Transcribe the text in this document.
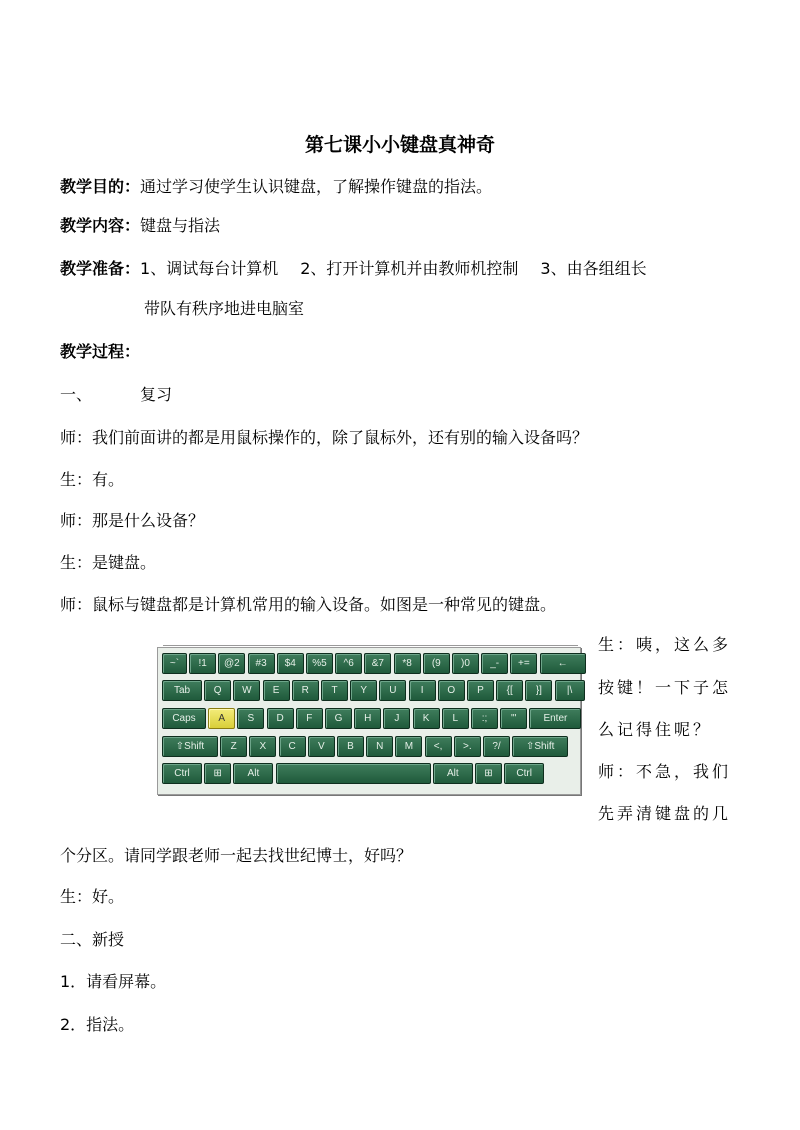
第七课小小键盘真神奇
教学目的：通过学习使学生认识键盘，了解操作键盘的指法。
教学内容：键盘与指法
教学准备：1、调试每台计算机 2、打开计算机并由教师机控制 3、由各组组长
带队有秩序地进电脑室
教学过程：
一、	复习
师：我们前面讲的都是用鼠标操作的，除了鼠标外，还有别的输入设备吗？
生：有。
师：那是什么设备？
生：是键盘。
师：鼠标与键盘都是计算机常用的输入设备。如图是一种常见的键盘。
~`	!1	@2	#3	$4	%5	^6	&7	*8	(9	)0	_-	+=	←
Tab	Q	W	E	R	T	Y	U	I	O	P	{[	}]	|\
Caps	A	S	D	F	G	H	J	K	L	:;	"'	Enter
⇧Shift	Z	X	C	V	B	N	M	<,	>.	?/	⇧Shift
Ctrl	⊞	Alt	Alt	⊞	Ctrl
生：咦，这么多
按键！一下子怎
么记得住呢？
师：不急，我们
先弄清键盘的几
个分区。请同学跟老师一起去找世纪博士，好吗？
生：好。
二、新授
1．请看屏幕。
2．指法。
